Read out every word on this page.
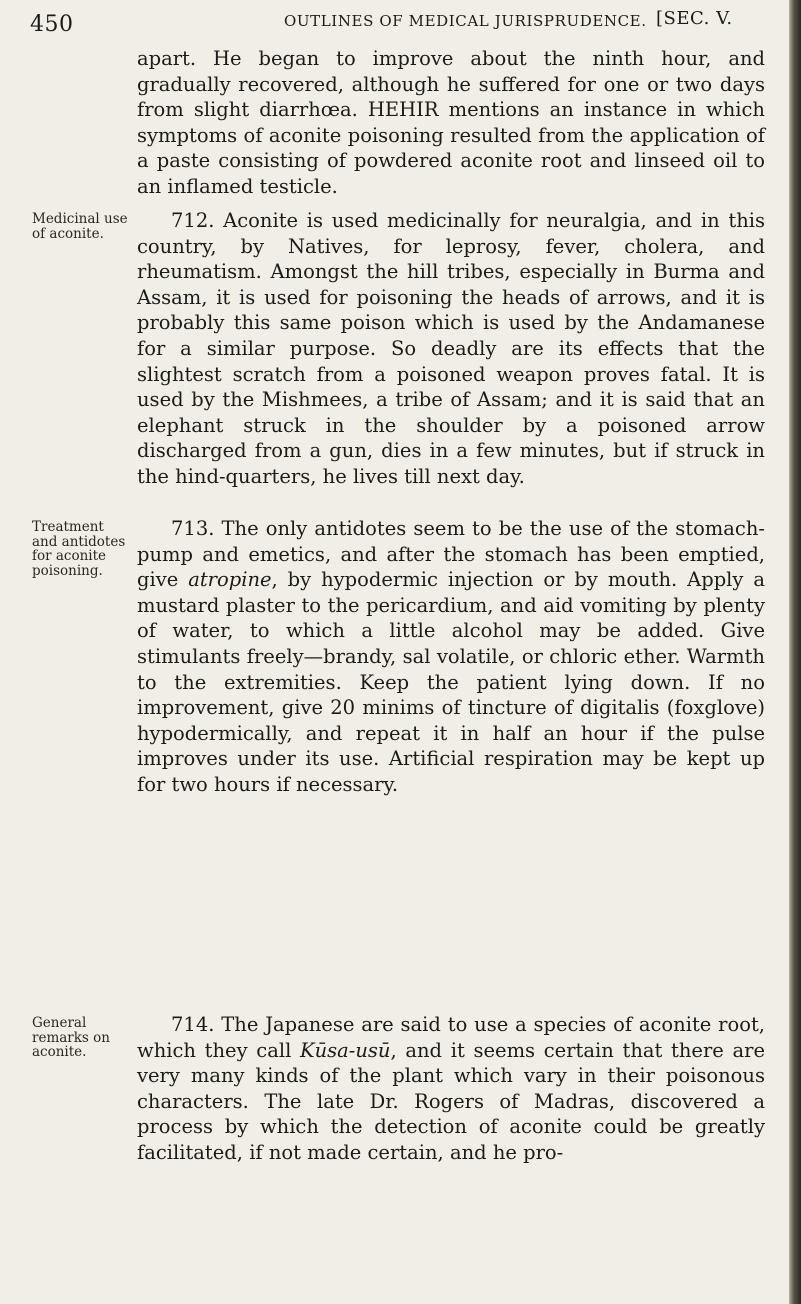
450	OUTLINES OF MEDICAL JURISPRUDENCE. [SEC. V.

apart. He began to improve about the ninth hour, and gradually recovered, although he suffered for one or two days from slight diarrhœa. HEHIR mentions an instance in which symptoms of aconite poisoning resulted from the application of a paste consisting of powdered aconite root and linseed oil to an inflamed testicle.

Medicinal use of aconite.

712. Aconite is used medicinally for neuralgia, and in this country, by Natives, for leprosy, fever, cholera, and rheumatism. Amongst the hill tribes, especially in Burma and Assam, it is used for poisoning the heads of arrows, and it is probably this same poison which is used by the Andamanese for a similar purpose. So deadly are its effects that the slightest scratch from a poisoned weapon proves fatal. It is used by the Mishmees, a tribe of Assam; and it is said that an elephant struck in the shoulder by a poisoned arrow discharged from a gun, dies in a few minutes, but if struck in the hind-quarters, he lives till next day.

Treatment and antidotes for aconite poisoning.

713. The only antidotes seem to be the use of the stomach-pump and emetics, and after the stomach has been emptied, give atropine, by hypodermic injection or by mouth. Apply a mustard plaster to the pericardium, and aid vomiting by plenty of water, to which a little alcohol may be added. Give stimulants freely—brandy, sal volatile, or chloric ether. Warmth to the extremities. Keep the patient lying down. If no improvement, give 20 minims of tincture of digitalis (foxglove) hypodermically, and repeat it in half an hour if the pulse improves under its use. Artificial respiration may be kept up for two hours if necessary.

General remarks on aconite.

714. The Japanese are said to use a species of aconite root, which they call Kūsa-usū, and it seems certain that there are very many kinds of the plant which vary in their poisonous characters. The late Dr. Rogers of Madras, discovered a process by which the detection of aconite could be greatly facilitated, if not made certain, and he pro-
